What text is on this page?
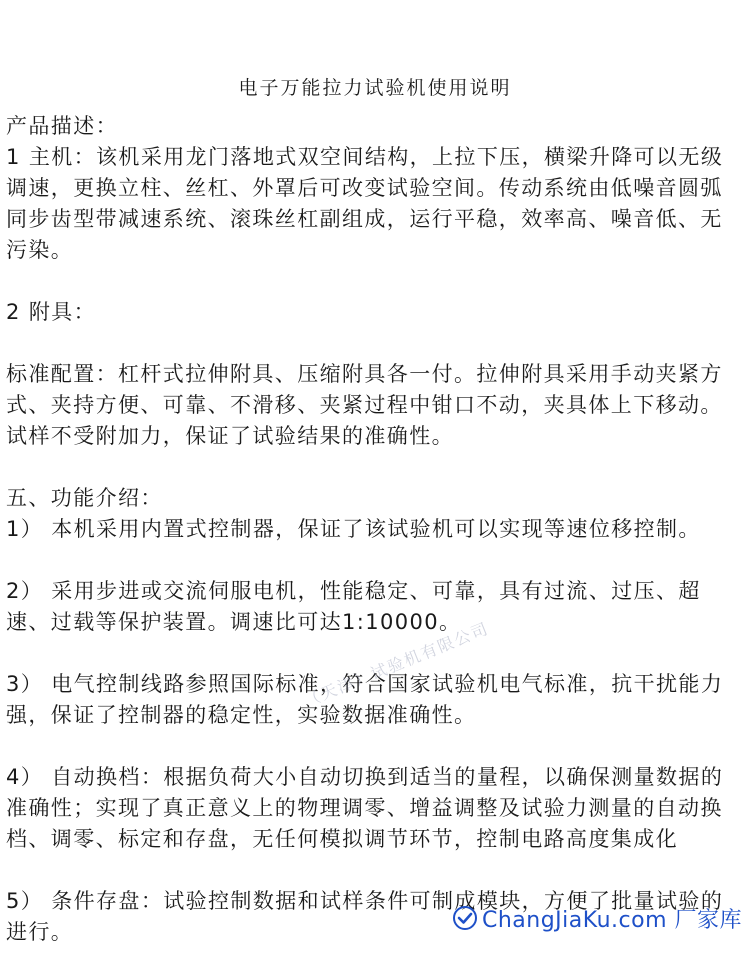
电子万能拉力试验机使用说明

产品描述：

1 主机：该机采用龙门落地式双空间结构，上拉下压，横梁升降可以无级调速，更换立柱、丝杠、外罩后可改变试验空间。传动系统由低噪音圆弧同步齿型带减速系统、滚珠丝杠副组成，运行平稳，效率高、噪音低、无污染。

2 附具：

标准配置：杠杆式拉伸附具、压缩附具各一付。拉伸附具采用手动夹紧方式、夹持方便、可靠、不滑移、夹紧过程中钳口不动，夹具体上下移动。试样不受附加力，保证了试验结果的准确性。

五、功能介绍：

1） 本机采用内置式控制器，保证了该试验机可以实现等速位移控制。

2） 采用步进或交流伺服电机，性能稳定、可靠，具有过流、过压、超速、过载等保护装置。调速比可达1:10000。

3） 电气控制线路参照国际标准，符合国家试验机电气标准，抗干扰能力强，保证了控制器的稳定性，实验数据准确性。

4） 自动换档：根据负荷大小自动切换到适当的量程，以确保测量数据的准确性；实现了真正意义上的物理调零、增益调整及试验力测量的自动换档、调零、标定和存盘，无任何模拟调节环节，控制电路高度集成化

5） 条件存盘：试验控制数据和试样条件可制成模块，方便了批量试验的进行。

（天津）试验机有限公司
ChangJiaKu.com 厂家库
